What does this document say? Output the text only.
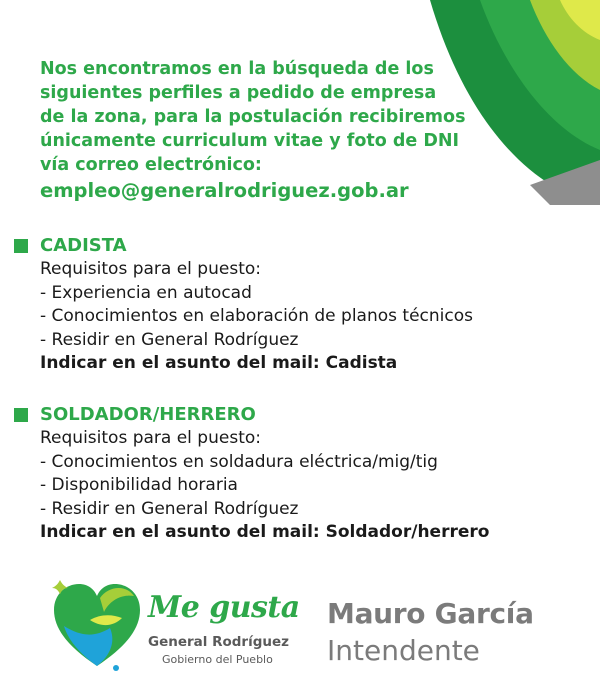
Nos encontramos en la búsqueda de los
siguientes perfiles a pedido de empresa
de la zona, para la postulación recibiremos
únicamente curriculum vitae y foto de DNI
vía correo electrónico:
empleo@generalrodriguez.gob.ar
CADISTA
Requisitos para el puesto:
- Experiencia en autocad
- Conocimientos en elaboración de planos técnicos
- Residir en General Rodríguez
Indicar en el asunto del mail: Cadista
SOLDADOR/HERRERO
Requisitos para el puesto:
- Conocimientos en soldadura eléctrica/mig/tig
- Disponibilidad horaria
- Residir en General Rodríguez
Indicar en el asunto del mail: Soldador/herrero
Me gusta
General Rodríguez
Gobierno del Pueblo
Mauro García
Intendente
